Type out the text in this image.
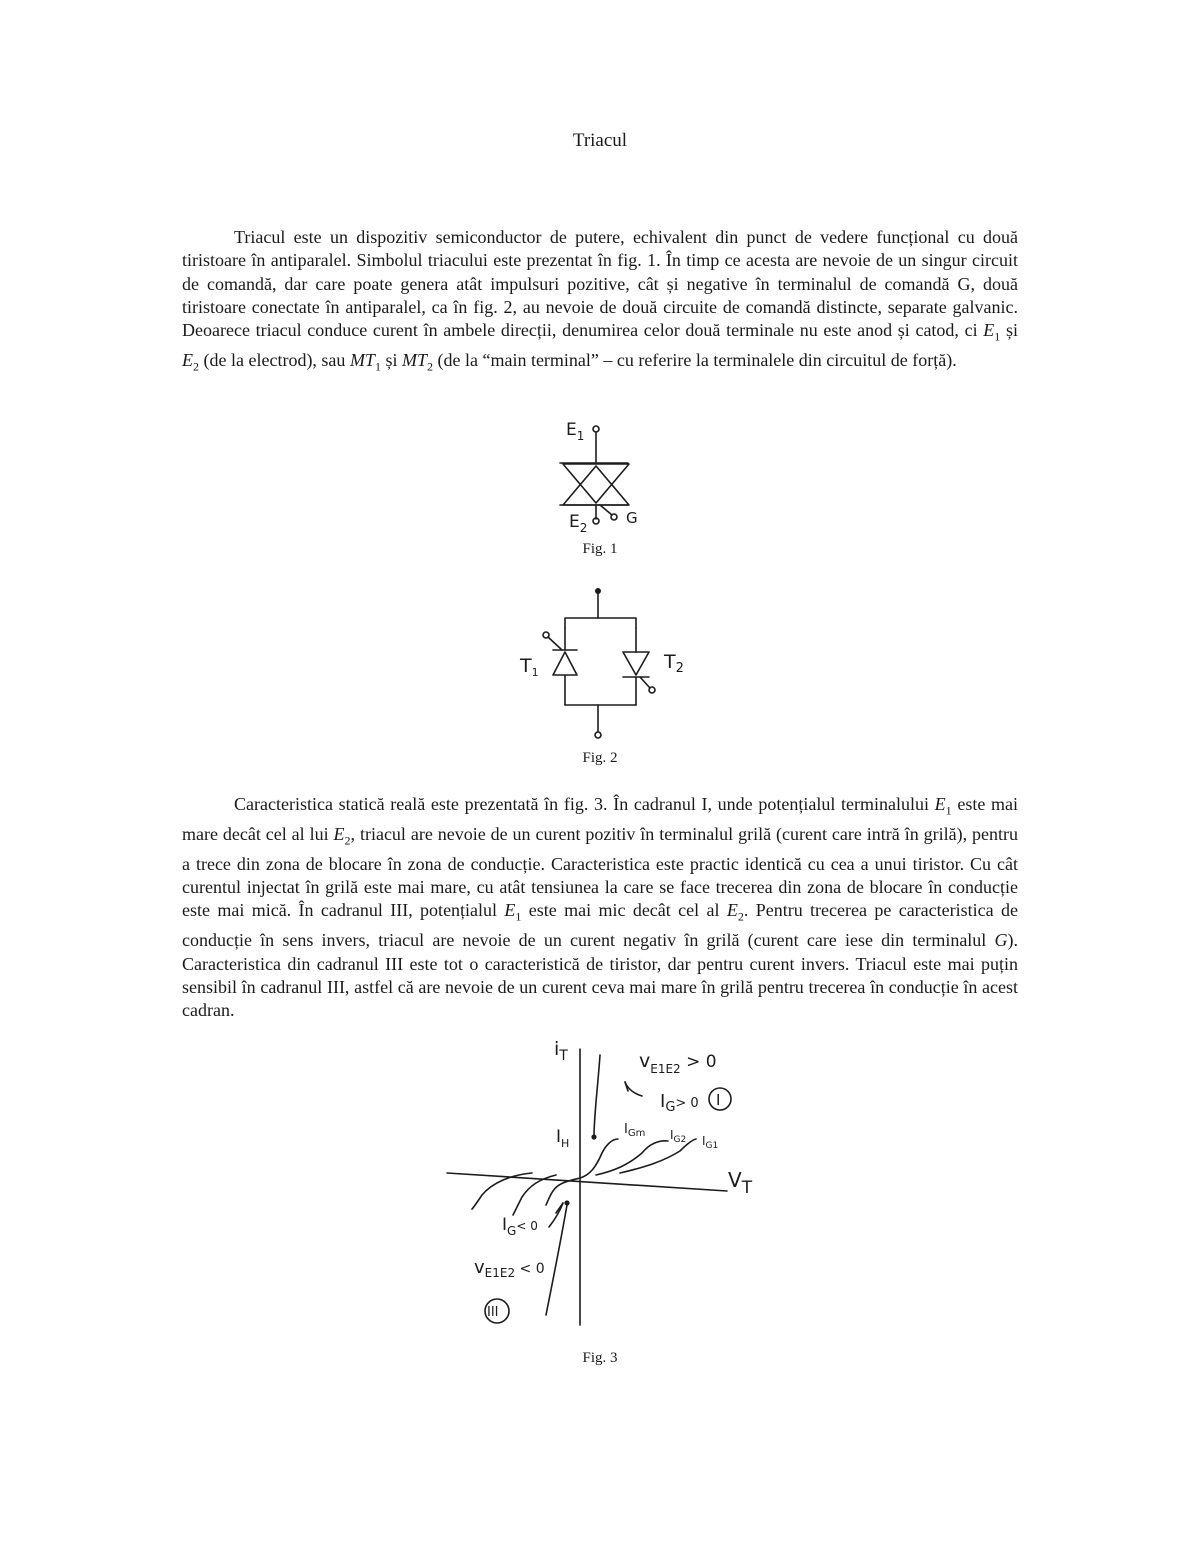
Triacul

Triacul este un dispozitiv semiconductor de putere, echivalent din punct de vedere funcțional cu două tiristoare în antiparalel. Simbolul triacului este prezentat în fig. 1. În timp ce acesta are nevoie de un singur circuit de comandă, dar care poate genera atât impulsuri pozitive, cât și negative în terminalul de comandă G, două tiristoare conectate în antiparalel, ca în fig. 2, au nevoie de două circuite de comandă distincte, separate galvanic. Deoarece triacul conduce curent în ambele direcții, denumirea celor două terminale nu este anod și catod, ci $E_1$ și $E_2$ (de la electrod), sau $MT_1$ și $MT_2$ (de la “main terminal” – cu referire la terminalele din circuitul de forță).

$E_1$
$E_2$
G
Fig. 1
$T_1$	$T_2$
Fig. 2

Caracteristica statică reală este prezentată în fig. 3. În cadranul I, unde potențialul terminalului $E_1$ este mai mare decât cel al lui $E_2$, triacul are nevoie de un curent pozitiv în terminalul grilă (curent care intră în grilă), pentru a trece din zona de blocare în zona de conducție. Caracteristica este practic identică cu cea a unui tiristor. Cu cât curentul injectat în grilă este mai mare, cu atât tensiunea la care se face trecerea din zona de blocare în conducție este mai mică. În cadranul III, potențialul $E_1$ este mai mic decât cel al $E_2$. Pentru trecerea pe caracteristica de conducție în sens invers, triacul are nevoie de un curent negativ în grilă (curent care iese din terminalul G). Caracteristica din cadranul III este tot o caracteristică de tiristor, dar pentru curent invers. Triacul este mai puțin sensibil în cadranul III, astfel că are nevoie de un curent ceva mai mare în grilă pentru trecerea în conducție în acest cadran.

$i_T$
$V_T$
$I_H$
$v_{E1E2} > 0$
$I_G^{> 0}$ I
$I_{Gm}$ $I_{G2}$ $I_{G1}$
$I_G^{< 0}$
$v_{E1E2}$ $^{< 0}$
III
Fig. 3
